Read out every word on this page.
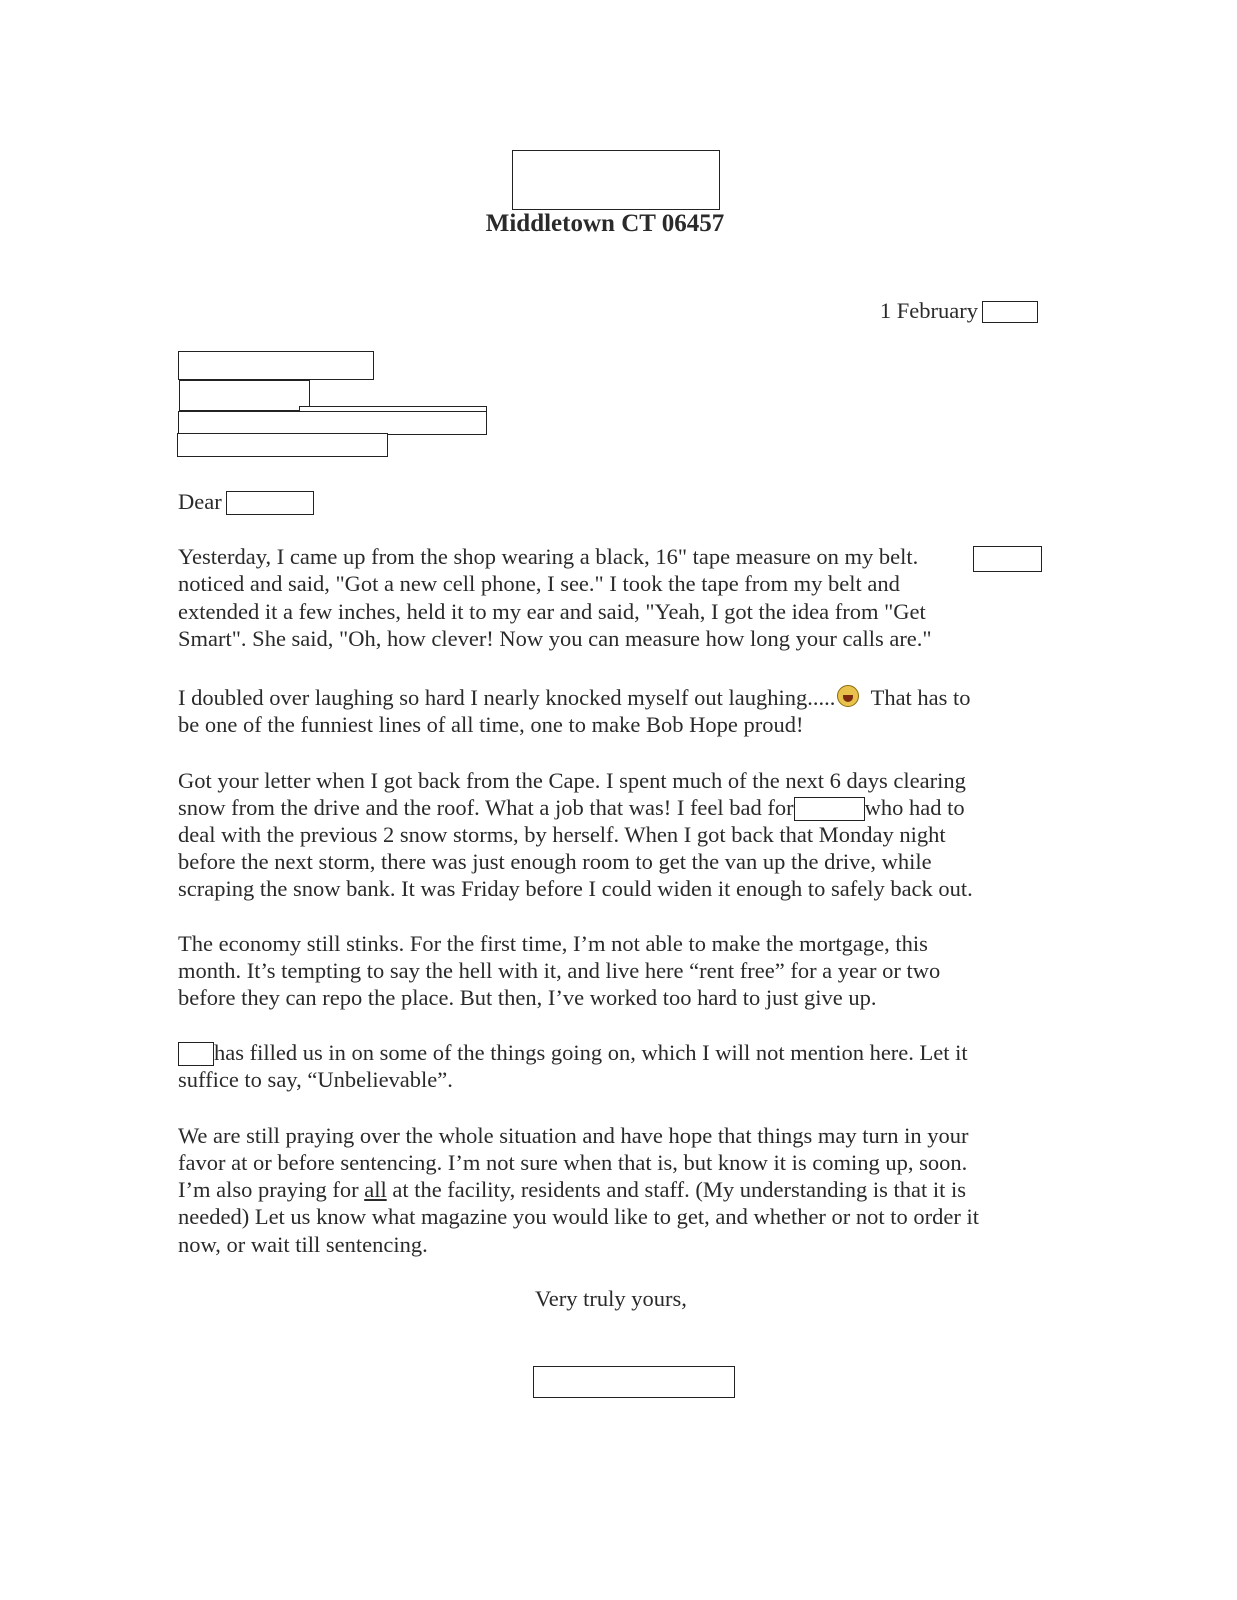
Middletown CT 06457
1 February
Dear
Yesterday, I came up from the shop wearing a black, 16" tape measure on my belt.
noticed and said, "Got a new cell phone, I see." I took the tape from my belt and
extended it a few inches, held it to my ear and said, "Yeah, I got the idea from "Get
Smart". She said, "Oh, how clever! Now you can measure how long your calls are."
I doubled over laughing so hard I nearly knocked myself out laughing..... That has to
be one of the funniest lines of all time, one to make Bob Hope proud!
Got your letter when I got back from the Cape. I spent much of the next 6 days clearing
snow from the drive and the roof. What a job that was! I feel bad for	who had to
deal with the previous 2 snow storms, by herself. When I got back that Monday night
before the next storm, there was just enough room to get the van up the drive, while
scraping the snow bank. It was Friday before I could widen it enough to safely back out.
The economy still stinks. For the first time, I’m not able to make the mortgage, this
month. It’s tempting to say the hell with it, and live here “rent free” for a year or two
before they can repo the place. But then, I’ve worked too hard to just give up.
has filled us in on some of the things going on, which I will not mention here. Let it
suffice to say, “Unbelievable”.
We are still praying over the whole situation and have hope that things may turn in your
favor at or before sentencing. I’m not sure when that is, but know it is coming up, soon.
I’m also praying for all at the facility, residents and staff. (My understanding is that it is
needed) Let us know what magazine you would like to get, and whether or not to order it
now, or wait till sentencing.
Very truly yours,
